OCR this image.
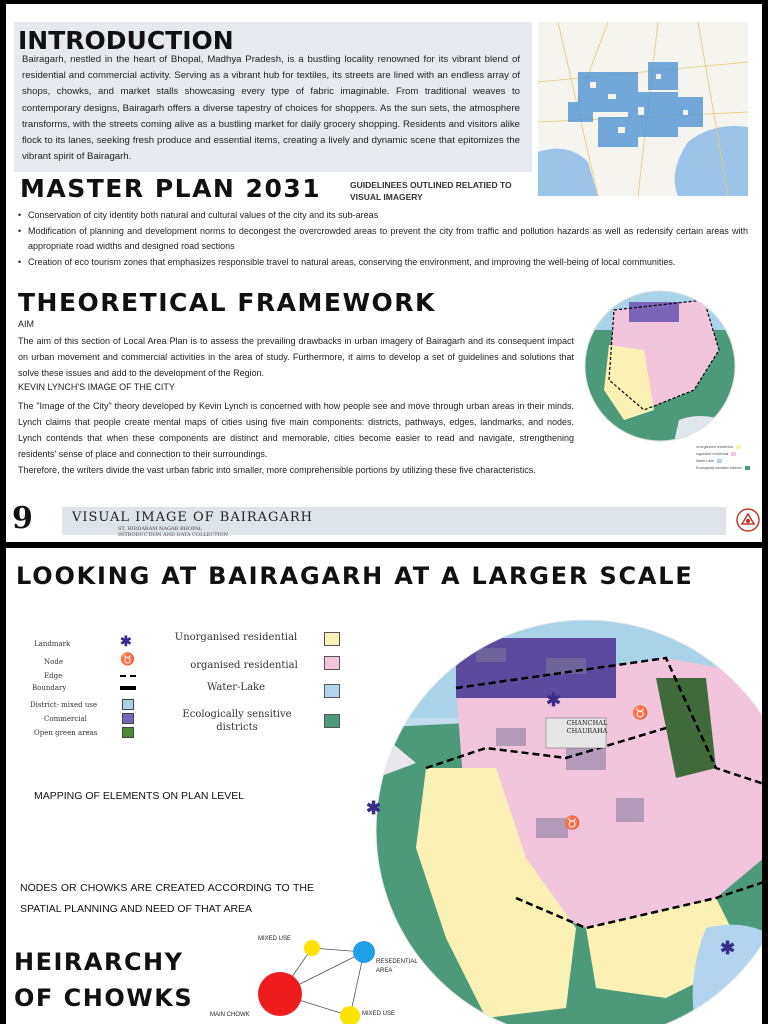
INTRODUCTION
Bairagarh, nestled in the heart of Bhopal, Madhya Pradesh, is a bustling locality renowned for its vibrant blend of residential and commercial activity. Serving as a vibrant hub for textiles, its streets are lined with an endless array of shops, chowks, and market stalls showcasing every type of fabric imaginable. From traditional weaves to contemporary designs, Bairagarh offers a diverse tapestry of choices for shoppers. As the sun sets, the atmosphere transforms, with the streets coming alive as a bustling market for daily grocery shopping. Residents and visitors alike flock to its lanes, seeking fresh produce and essential items, creating a lively and dynamic scene that epitomizes the vibrant spirit of Bairagarh.
MASTER PLAN 2031	GUIDELINEES OUTLINED RELATIED TO VISUAL IMAGERY
• Conservation of city identity both natural and cultural values of the city and its sub-areas
• Modification of planning and development norms to decongest the overcrowded areas to prevent the city from traffic and pollution hazards as well as redensify certain areas with appropriate road widths and designed road sections
• Creation of eco tourism zones that emphasizes responsible travel to natural areas, conserving the environment, and improving the well-being of local communities.
THEORETICAL FRAMEWORK
AIM
The aim of this section of Local Area Plan is to assess the prevailing drawbacks in urban imagery of Bairagarh and its consequent impact on urban movement and commercial activities in the area of study. Furthermore, it aims to develop a set of guidelines and solutions that solve these issues and add to the development of the Region.
KEVIN LYNCH'S IMAGE OF THE CITY
The "Image of the City" theory developed by Kevin Lynch is concerned with how people see and move through urban areas in their minds. Lynch claims that people create mental maps of cities using five main components: districts, pathways, edges, landmarks, and nodes. Lynch contends that when these components are distinct and memorable, cities become easier to read and navigate, strengthening residents' sense of place and connection to their surroundings.
Therefore, the writers divide the vast urban fabric into smaller, more comprehensible portions by utilizing these five characteristics.
Unorganised residential
organised residential
Water-Lake
Ecologically sensitive districts
9	VISUAL IMAGE OF BAIRAGARH
ST. HIRDARAM NAGAR BHOPAL
INTRODUCTION AND DATA COLLECTION
LOOKING AT BAIRAGARH AT A LARGER SCALE
Landmark	✱
Node	♉
Edge
Boundary
District- mixed use
Commercial
Open green areas
Unorganised residential
organised residential
Water-Lake
Ecologically sensitive districts
MAPPING OF ELEMENTS ON PLAN LEVEL
NODES OR CHOWKS ARE CREATED ACCORDING TO THE SPATIAL PLANNING AND NEED OF THAT AREA
HEIRARCHY
OF CHOWKS
MIXED USE
RESEDENTIAL AREA
MAIN CHOWK	MIXED USE
CHANCHAL CHAURAHA
✱
✱
✱
♉
♉
